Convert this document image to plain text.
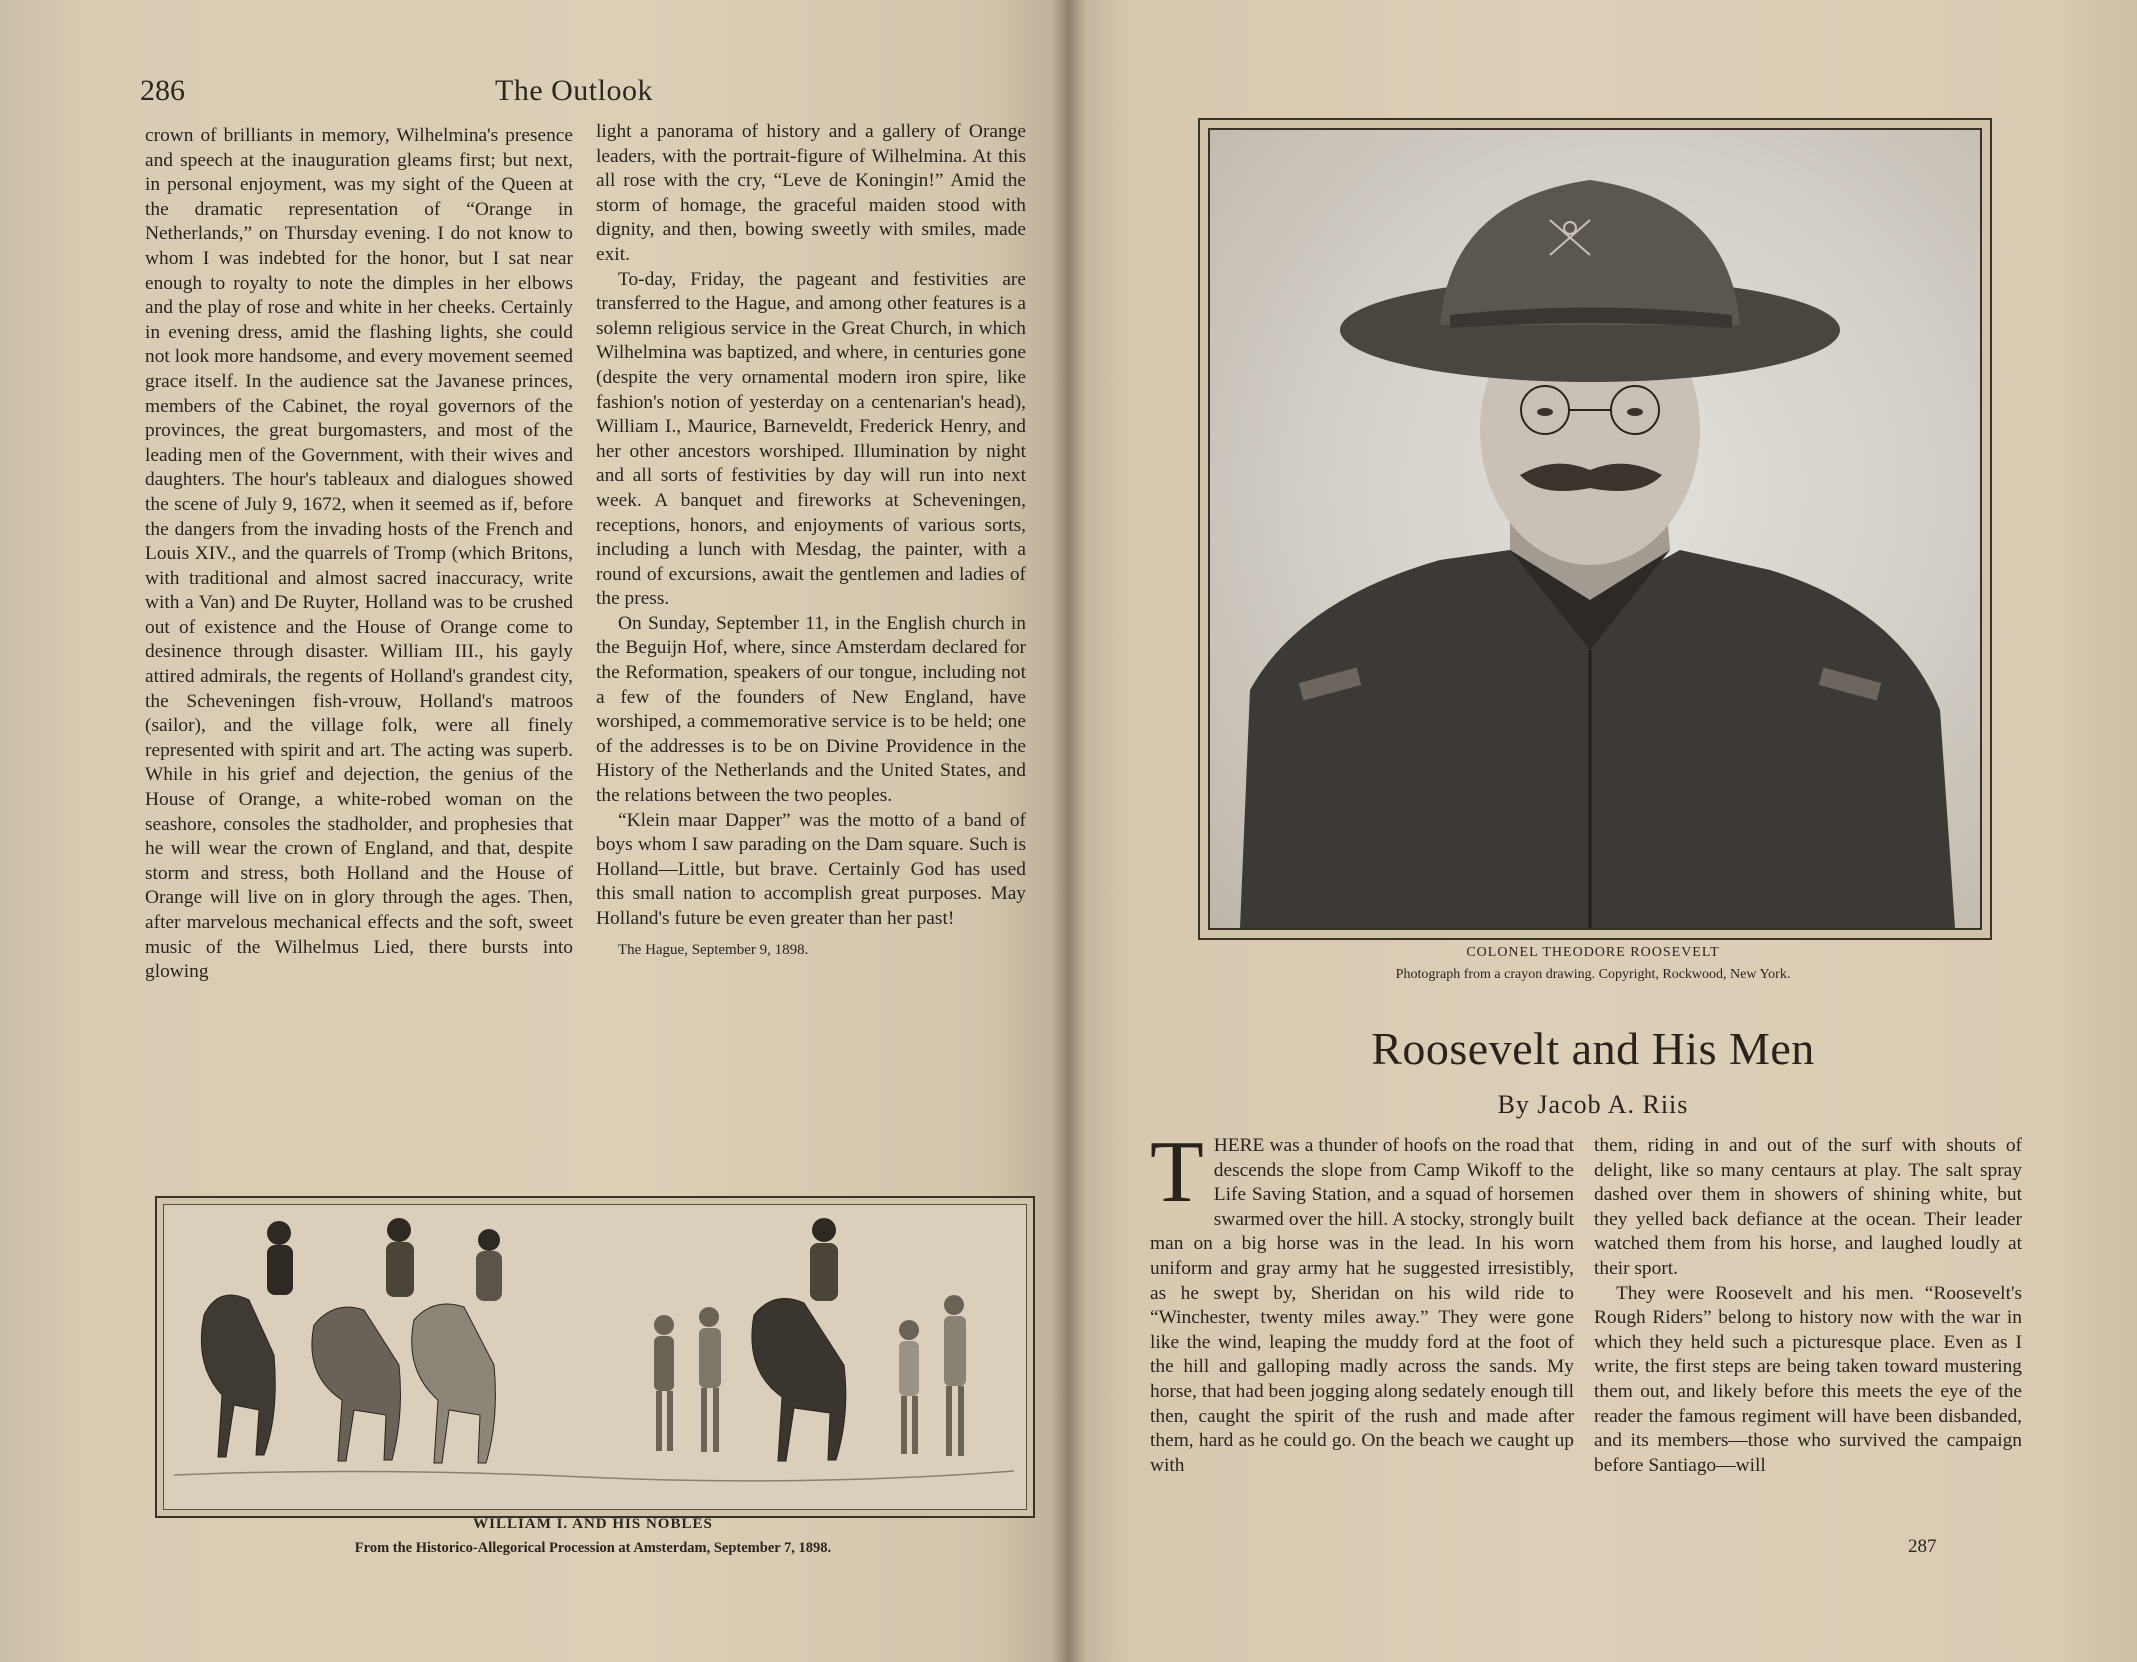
286	The Outlook

crown of brilliants in memory, Wilhelmina's presence and speech at the inauguration gleams first; but next, in personal enjoyment, was my sight of the Queen at the dramatic representation of “Orange in Netherlands,” on Thursday evening. I do not know to whom I was indebted for the honor, but I sat near enough to royalty to note the dimples in her elbows and the play of rose and white in her cheeks. Certainly in evening dress, amid the flashing lights, she could not look more handsome, and every movement seemed grace itself. In the audience sat the Javanese princes, members of the Cabinet, the royal governors of the provinces, the great burgomasters, and most of the leading men of the Government, with their wives and daughters. The hour's tableaux and dialogues showed the scene of July 9, 1672, when it seemed as if, before the dangers from the invading hosts of the French and Louis XIV., and the quarrels of Tromp (which Britons, with traditional and almost sacred inaccuracy, write with a Van) and De Ruyter, Holland was to be crushed out of existence and the House of Orange come to desinence through disaster. William III., his gayly attired admirals, the regents of Holland's grandest city, the Scheveningen fish-vrouw, Holland's matroos (sailor), and the village folk, were all finely represented with spirit and art. The acting was superb. While in his grief and dejection, the genius of the House of Orange, a white-robed woman on the seashore, consoles the stadholder, and prophesies that he will wear the crown of England, and that, despite storm and stress, both Holland and the House of Orange will live on in glory through the ages. Then, after marvelous mechanical effects and the soft, sweet music of the Wilhelmus Lied, there bursts into glowing

light a panorama of history and a gallery of Orange leaders, with the portrait-figure of Wilhelmina. At this all rose with the cry, “Leve de Koningin!” Amid the storm of homage, the graceful maiden stood with dignity, and then, bowing sweetly with smiles, made exit.

To-day, Friday, the pageant and festivities are transferred to the Hague, and among other features is a solemn religious service in the Great Church, in which Wilhelmina was baptized, and where, in centuries gone (despite the very ornamental modern iron spire, like fashion's notion of yesterday on a centenarian's head), William I., Maurice, Barneveldt, Frederick Henry, and her other ancestors worshiped. Illumination by night and all sorts of festivities by day will run into next week. A banquet and fireworks at Scheveningen, receptions, honors, and enjoyments of various sorts, including a lunch with Mesdag, the painter, with a round of excursions, await the gentlemen and ladies of the press.

On Sunday, September 11, in the English church in the Beguijn Hof, where, since Amsterdam declared for the Reformation, speakers of our tongue, including not a few of the founders of New England, have worshiped, a commemorative service is to be held; one of the addresses is to be on Divine Providence in the History of the Netherlands and the United States, and the relations between the two peoples.

“Klein maar Dapper” was the motto of a band of boys whom I saw parading on the Dam square. Such is Holland—Little, but brave. Certainly God has used this small nation to accomplish great purposes. May Holland's future be even greater than her past!

The Hague, September 9, 1898.
WILLIAM I. AND HIS NOBLES
From the Historico-Allegorical Procession at Amsterdam, September 7, 1898.
COLONEL THEODORE ROOSEVELT
Photograph from a crayon drawing. Copyright, Rockwood, New York.
Roosevelt and His Men
By Jacob A. Riis

THERE was a thunder of hoofs on the road that descends the slope from Camp Wikoff to the Life Saving Station, and a squad of horsemen swarmed over the hill. A stocky, strongly built man on a big horse was in the lead. In his worn uniform and gray army hat he suggested irresistibly, as he swept by, Sheridan on his wild ride to “Winchester, twenty miles away.” They were gone like the wind, leaping the muddy ford at the foot of the hill and galloping madly across the sands. My horse, that had been jogging along sedately enough till then, caught the spirit of the rush and made after them, hard as he could go. On the beach we caught up with

them, riding in and out of the surf with shouts of delight, like so many centaurs at play. The salt spray dashed over them in showers of shining white, but they yelled back defiance at the ocean. Their leader watched them from his horse, and laughed loudly at their sport.

They were Roosevelt and his men. “Roosevelt's Rough Riders” belong to history now with the war in which they held such a picturesque place. Even as I write, the first steps are being taken toward mustering them out, and likely before this meets the eye of the reader the famous regiment will have been disbanded, and its members—those who survived the campaign before Santiago—will

287
